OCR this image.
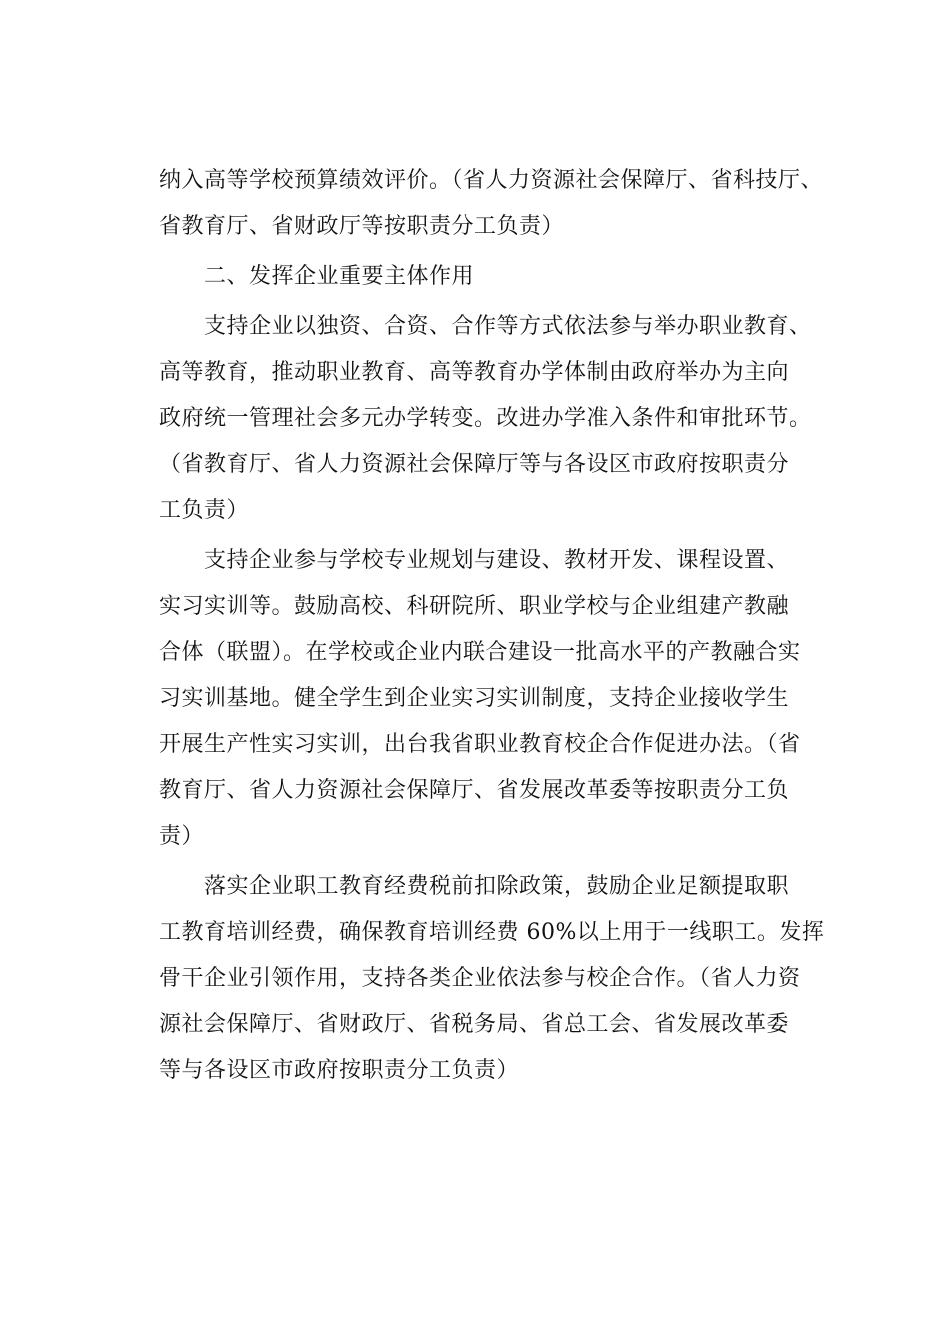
纳入高等学校预算绩效评价。（省人力资源社会保障厅、省科技厅、
省教育厅、省财政厅等按职责分工负责）
二、发挥企业重要主体作用
支持企业以独资、合资、合作等方式依法参与举办职业教育、
高等教育，推动职业教育、高等教育办学体制由政府举办为主向
政府统一管理社会多元办学转变。改进办学准入条件和审批环节。
（省教育厅、省人力资源社会保障厅等与各设区市政府按职责分
工负责）
支持企业参与学校专业规划与建设、教材开发、课程设置、
实习实训等。鼓励高校、科研院所、职业学校与企业组建产教融
合体（联盟）。在学校或企业内联合建设一批高水平的产教融合实
习实训基地。健全学生到企业实习实训制度，支持企业接收学生
开展生产性实习实训，出台我省职业教育校企合作促进办法。（省
教育厅、省人力资源社会保障厅、省发展改革委等按职责分工负
责）
落实企业职工教育经费税前扣除政策，鼓励企业足额提取职
工教育培训经费，确保教育培训经费 60%以上用于一线职工。发挥
骨干企业引领作用，支持各类企业依法参与校企合作。（省人力资
源社会保障厅、省财政厅、省税务局、省总工会、省发展改革委
等与各设区市政府按职责分工负责）
